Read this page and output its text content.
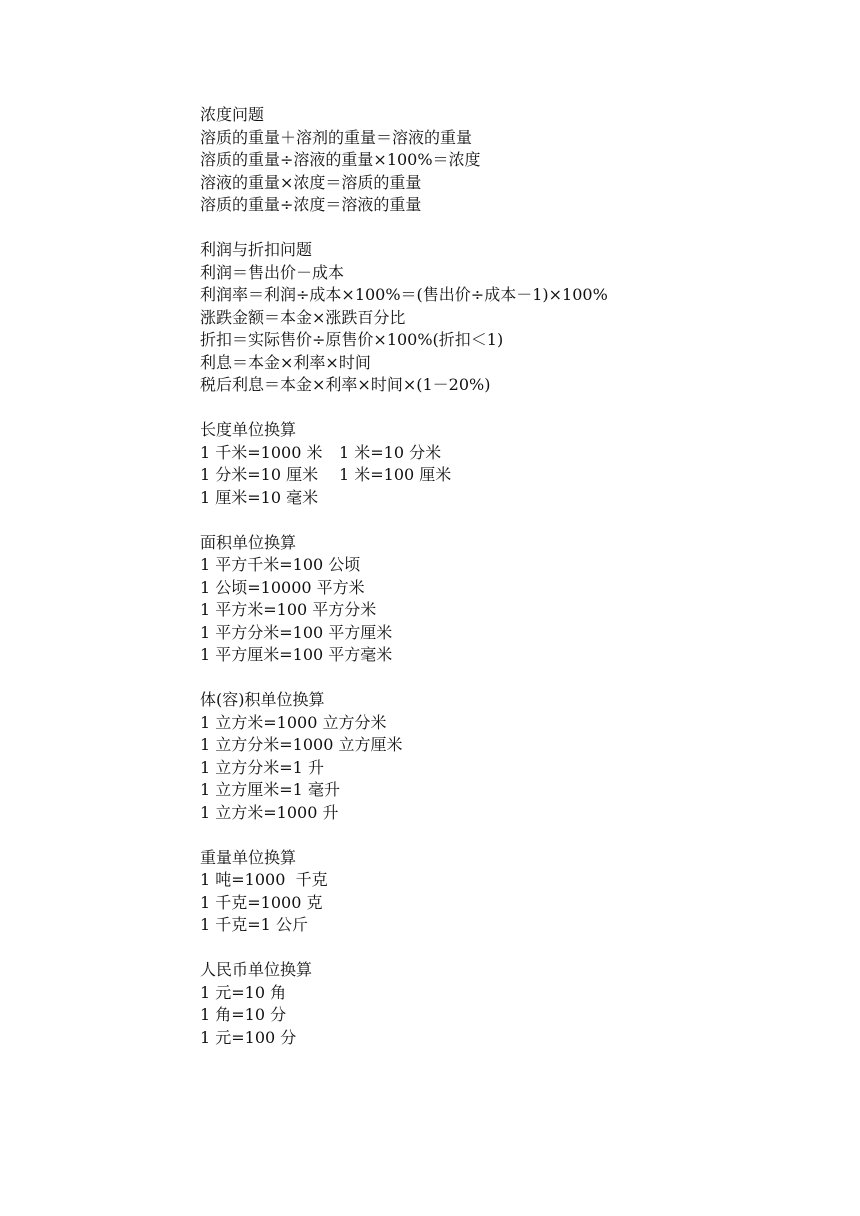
浓度问题
溶质的重量＋溶剂的重量＝溶液的重量
溶质的重量÷溶液的重量×100%＝浓度
溶液的重量×浓度＝溶质的重量
溶质的重量÷浓度＝溶液的重量
利润与折扣问题
利润＝售出价－成本
利润率＝利润÷成本×100%＝(售出价÷成本－1)×100%
涨跌金额＝本金×涨跌百分比
折扣＝实际售价÷原售价×100%(折扣＜1)
利息＝本金×利率×时间
税后利息＝本金×利率×时间×(1－20%)
长度单位换算
1 千米=1000 米	1 米=10 分米
1 分米=10 厘米	1 米=100 厘米
1 厘米=10 毫米
面积单位换算
1 平方千米=100 公顷
1 公顷=10000 平方米
1 平方米=100 平方分米
1 平方分米=100 平方厘米
1 平方厘米=100 平方毫米
体(容)积单位换算
1 立方米=1000 立方分米
1 立方分米=1000 立方厘米
1 立方分米=1 升
1 立方厘米=1 毫升
1 立方米=1000 升
重量单位换算
1 吨=1000  千克
1 千克=1000 克
1 千克=1 公斤
人民币单位换算
1 元=10 角
1 角=10 分
1 元=100 分
